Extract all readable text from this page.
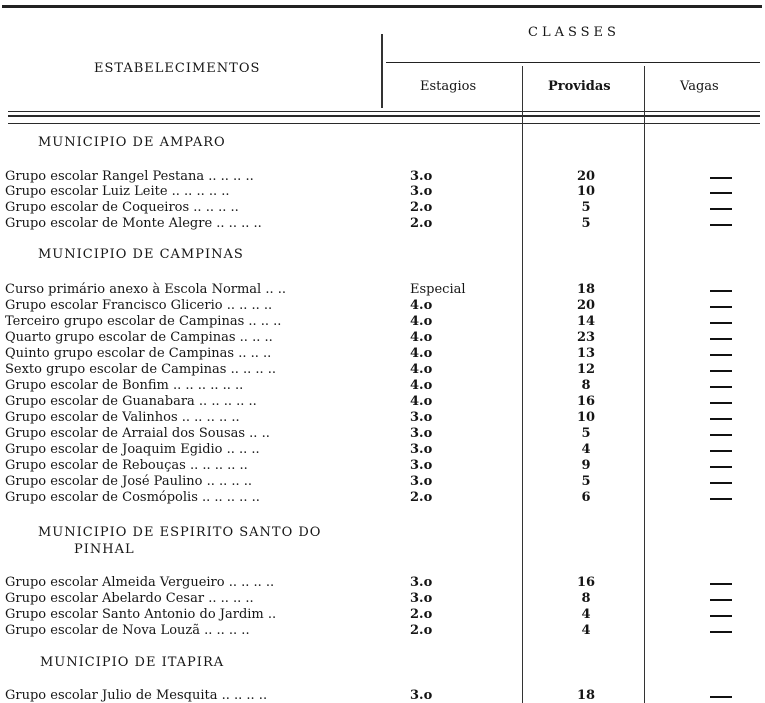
ESTABELECIMENTOS
CLASSES
Estagios	Providas	Vagas
MUNICIPIO DE AMPARO
Grupo escolar Rangel Pestana .. .. .. ..	3.o	20
Grupo escolar Luiz Leite .. .. .. .. ..	3.o	10
Grupo escolar de Coqueiros .. .. .. ..	2.o	5
Grupo escolar de Monte Alegre .. .. .. ..	2.o	5
MUNICIPIO DE CAMPINAS
Curso primário anexo à Escola Normal .. ..	Especial	18
Grupo escolar Francisco Glicerio .. .. .. ..	4.o	20
Terceiro grupo escolar de Campinas .. .. ..	4.o	14
Quarto grupo escolar de Campinas .. .. ..	4.o	23
Quinto grupo escolar de Campinas .. .. ..	4.o	13
Sexto grupo escolar de Campinas .. .. .. ..	4.o	12
Grupo escolar de Bonfim .. .. .. .. .. ..	4.o	8
Grupo escolar de Guanabara .. .. .. .. ..	4.o	16
Grupo escolar de Valinhos .. .. .. .. ..	3.o	10
Grupo escolar de Arraial dos Sousas .. ..	3.o	5
Grupo escolar de Joaquim Egidio .. .. ..	3.o	4
Grupo escolar de Rebouças .. .. .. .. ..	3.o	9
Grupo escolar de José Paulino .. .. .. ..	3.o	5
Grupo escolar de Cosmópolis .. .. .. .. ..	2.o	6
MUNICIPIO DE ESPIRITO SANTO DO
PINHAL
Grupo escolar Almeida Vergueiro .. .. .. ..	3.o	16
Grupo escolar Abelardo Cesar .. .. .. ..	3.o	8
Grupo escolar Santo Antonio do Jardim ..	2.o	4
Grupo escolar de Nova Louzã .. .. .. ..	2.o	4
MUNICIPIO DE ITAPIRA
Grupo escolar Julio de Mesquita .. .. .. ..	3.o	18
